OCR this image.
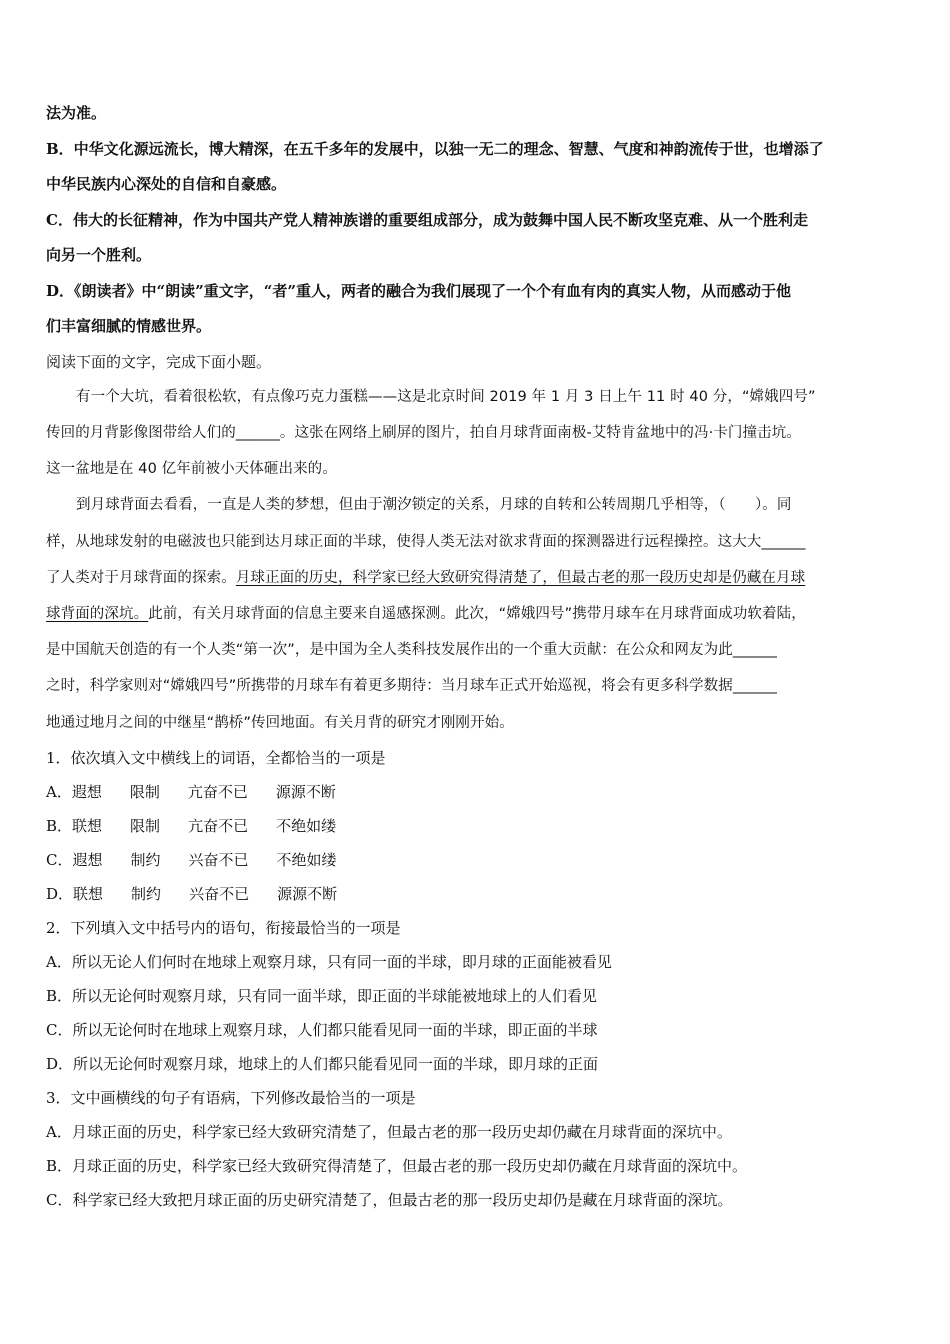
法为准。

B．中华文化源远流长，博大精深，在五千多年的发展中，以独一无二的理念、智慧、气度和神韵流传于世，也增添了

中华民族内心深处的自信和自豪感。

C．伟大的长征精神，作为中国共产党人精神族谱的重要组成部分，成为鼓舞中国人民不断攻坚克难、从一个胜利走

向另一个胜利。

D．《朗读者》中“朗读”重文字，“者”重人，两者的融合为我们展现了一个个有血有肉的真实人物，从而感动于他

们丰富细腻的情感世界。

阅读下面的文字，完成下面小题。

有一个大坑，看着很松软，有点像巧克力蛋糕——这是北京时间 2019 年 1 月 3 日上午 11 时 40 分，“嫦娥四号”

传回的月背影像图带给人们的______。这张在网络上刷屏的图片，拍自月球背面南极-艾特肯盆地中的冯·卡门撞击坑。

这一盆地是在 40 亿年前被小天体砸出来的。

到月球背面去看看，一直是人类的梦想，但由于潮汐锁定的关系，月球的自转和公转周期几乎相等，（　　）。同

样，从地球发射的电磁波也只能到达月球正面的半球，使得人类无法对欲求背面的探测器进行远程操控。这大大______

了人类对于月球背面的探索。月球正面的历史，科学家已经大致研究得清楚了，但最古老的那一段历史却是仍藏在月球

球背面的深坑。此前，有关月球背面的信息主要来自遥感探测。此次，“嫦娥四号”携带月球车在月球背面成功软着陆，

是中国航天创造的有一个人类“第一次”，是中国为全人类科技发展作出的一个重大贡献：在公众和网友为此______

之时，科学家则对“嫦娥四号”所携带的月球车有着更多期待：当月球车正式开始巡视，将会有更多科学数据______

地通过地月之间的中继星“鹊桥”传回地面。有关月背的研究才刚刚开始。

1．依次填入文中横线上的词语，全都恰当的一项是

A．遐想 限制 亢奋不已 源源不断

B．联想 限制 亢奋不已 不绝如缕

C．遐想 制约 兴奋不已 不绝如缕

D．联想 制约 兴奋不已 源源不断

2．下列填入文中括号内的语句，衔接最恰当的一项是

A．所以无论人们何时在地球上观察月球，只有同一面的半球，即月球的正面能被看见

B．所以无论何时观察月球，只有同一面半球，即正面的半球能被地球上的人们看见

C．所以无论何时在地球上观察月球，人们都只能看见同一面的半球，即正面的半球

D．所以无论何时观察月球，地球上的人们都只能看见同一面的半球，即月球的正面

3．文中画横线的句子有语病，下列修改最恰当的一项是

A．月球正面的历史，科学家已经大致研究清楚了，但最古老的那一段历史却仍藏在月球背面的深坑中。

B．月球正面的历史，科学家已经大致研究得清楚了，但最古老的那一段历史却仍藏在月球背面的深坑中。

C．科学家已经大致把月球正面的历史研究清楚了，但最古老的那一段历史却仍是藏在月球背面的深坑。
